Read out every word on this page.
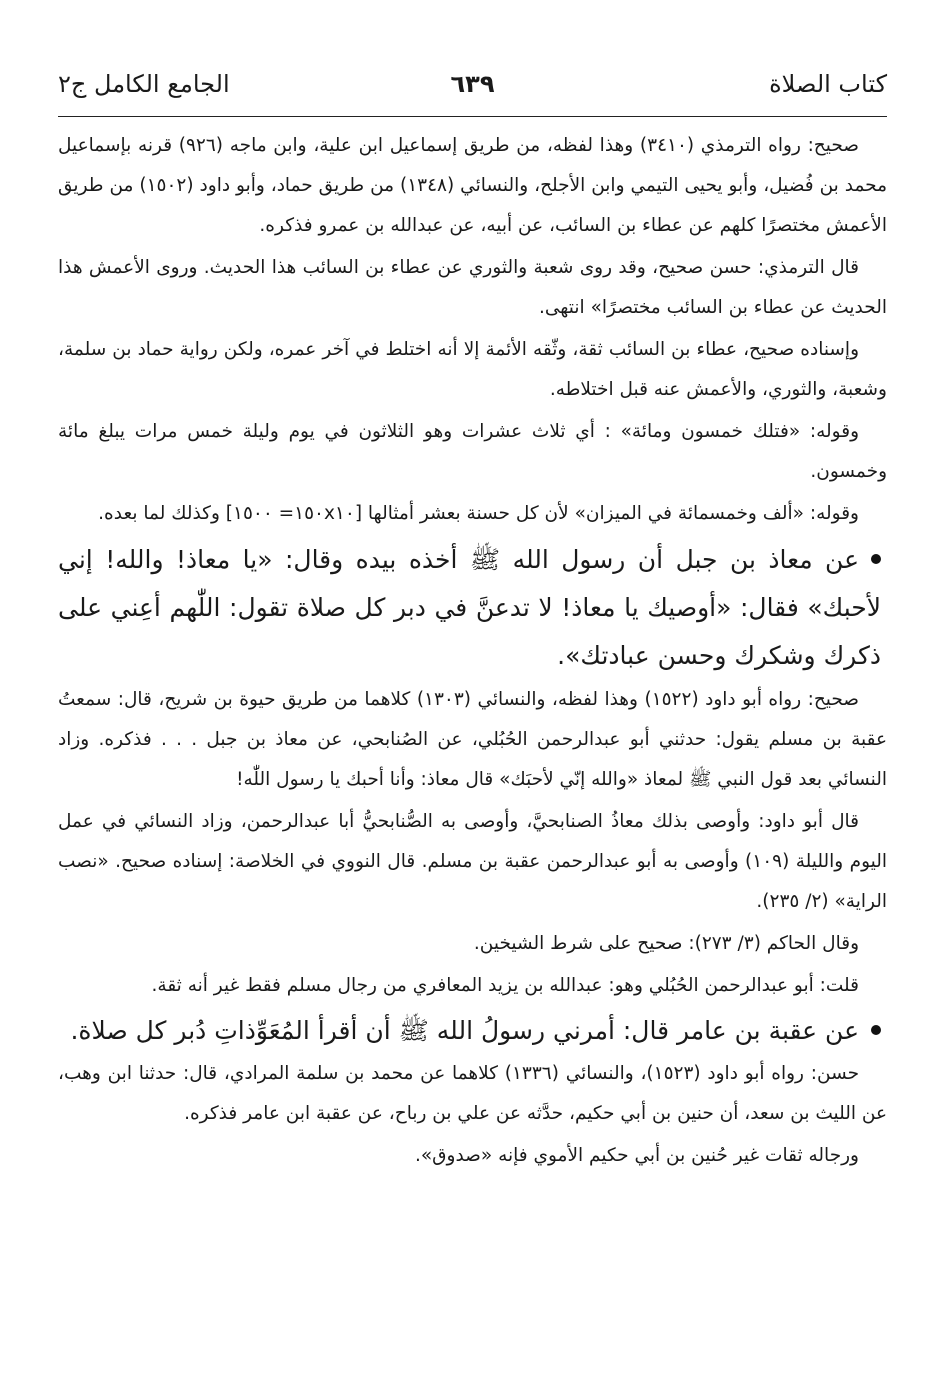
كتاب الصلاة
٦٣٩
الجامع الكامل ج٢

صحيح: رواه الترمذي (٣٤١٠) وهذا لفظه، من طريق إسماعيل ابن علية، وابن ماجه (٩٢٦) قرنه بإسماعيل محمد بن فُضيل، وأبو يحيى التيمي وابن الأجلح، والنسائي (١٣٤٨) من طريق حماد، وأبو داود (١٥٠٢) من طريق الأعمش مختصرًا كلهم عن عطاء بن السائب، عن أبيه، عن عبدالله بن عمرو فذكره.

قال الترمذي: حسن صحيح، وقد روى شعبة والثوري عن عطاء بن السائب هذا الحديث. وروى الأعمش هذا الحديث عن عطاء بن السائب مختصرًا» انتهى.

وإسناده صحيح، عطاء بن السائب ثقة، وثّقه الأئمة إلا أنه اختلط في آخر عمره، ولكن رواية حماد بن سلمة، وشعبة، والثوري، والأعمش عنه قبل اختلاطه.

وقوله: «فتلك خمسون ومائة» : أي ثلاث عشرات وهو الثلاثون في يوم وليلة خمس مرات يبلغ مائة وخمسون.

وقوله: «ألف وخمسمائة في الميزان» لأن كل حسنة بعشر أمثالها [١٥٠x١٠= ١٥٠٠] وكذلك لما بعده.

عن معاذ بن جبل أن رسول الله ﷺ أخذه بيده وقال: «يا معاذ! والله! إني لأحبك» فقال: «أوصيك يا معاذ! لا تدعنَّ في دبر كل صلاة تقول: اللّٰهم أعِني على ذكرك وشكرك وحسن عبادتك».

صحيح: رواه أبو داود (١٥٢٢) وهذا لفظه، والنسائي (١٣٠٣) كلاهما من طريق حيوة بن شريح، قال: سمعتُ عقبة بن مسلم يقول: حدثني أبو عبدالرحمن الحُبُلي، عن الصُنابحي، عن معاذ بن جبل . . . فذكره. وزاد النسائي بعد قول النبي ﷺ لمعاذ «والله إنّي لأحبَك» قال معاذ: وأنا أحبك يا رسول اللّٰه!

قال أبو داود: وأوصى بذلك معاذُ الصنابحيَّ، وأوصى به الصُّنابحيُّ أبا عبدالرحمن، وزاد النسائي في عمل اليوم والليلة (١٠٩) وأوصى به أبو عبدالرحمن عقبة بن مسلم. قال النووي في الخلاصة: إسناده صحيح. «نصب الراية» (٢/ ٢٣٥).

وقال الحاكم (٣/ ٢٧٣): صحيح على شرط الشيخين.

قلت: أبو عبدالرحمن الحُبُلي وهو: عبدالله بن يزيد المعافري من رجال مسلم فقط غير أنه ثقة.

عن عقبة بن عامر قال: أمرني رسولُ الله ﷺ أن أقرأ المُعَوِّذاتِ دُبر كل صلاة.

حسن: رواه أبو داود (١٥٢٣)، والنسائي (١٣٣٦) كلاهما عن محمد بن سلمة المرادي، قال: حدثنا ابن وهب، عن الليث بن سعد، أن حنين بن أبي حكيم، حدَّثه عن علي بن رباح، عن عقبة ابن عامر فذكره.

ورجاله ثقات غير حُنين بن أبي حكيم الأموي فإنه «صدوق».
